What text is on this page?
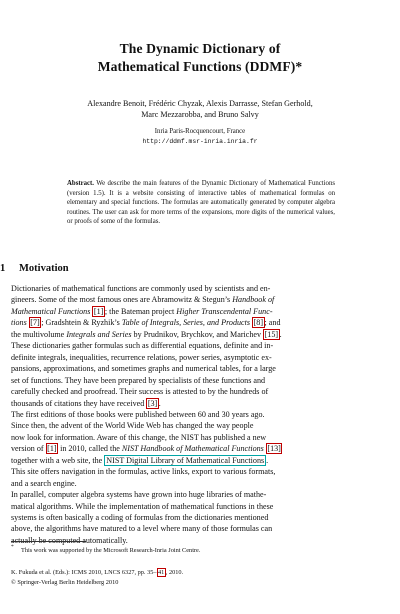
The Dynamic Dictionary of
Mathematical Functions (DDMF)*
Alexandre Benoit, Frédéric Chyzak, Alexis Darrasse, Stefan Gerhold,
Marc Mezzarobba, and Bruno Salvy
Inria Paris-Rocquencourt, France
http://ddmf.msr-inria.inria.fr
Abstract. We describe the main features of the Dynamic Dictionary of Mathematical Functions (version 1.5). It is a website consisting of interactive tables of mathematical formulas on elementary and special functions. The formulas are automatically generated by computer algebra routines. The user can ask for more terms of the expansions, more digits of the numerical values, or proofs of some of the formulas.
1 Motivation
Dictionaries of mathematical functions are commonly used by scientists and en-
gineers. Some of the most famous ones are Abramowitz & Stegun’s Handbook of
Mathematical Functions [1] ; the Bateman project Higher Transcendental Func-
tions [7] ; Gradshtein & Ryzhik’s Table of Integrals, Series, and Products [8] ; and
the multivolume Integrals and Series by Prudnikov, Brychkov, and Marichev [15] .
These dictionaries gather formulas such as differential equations, definite and in-
definite integrals, inequalities, recurrence relations, power series, asymptotic ex-
pansions, approximations, and sometimes graphs and numerical tables, for a large
set of functions. They have been prepared by specialists of these functions and
carefully checked and proofread. Their success is attested to by the hundreds of
thousands of citations they have received [3] .
The first editions of those books were published between 60 and 30 years ago.
Since then, the advent of the World Wide Web has changed the way people
now look for information. Aware of this change, the NIST has published a new
version of [1] in 2010, called the NIST Handbook of Mathematical Functions [13]
together with a web site, the NIST Digital Library of Mathematical Functions .
This site offers navigation in the formulas, active links, export to various formats,
and a search engine.
In parallel, computer algebra systems have grown into huge libraries of mathe-
matical algorithms. While the implementation of mathematical functions in these
systems is often basically a coding of formulas from the dictionaries mentioned
above, the algorithms have matured to a level where many of those formulas can
actually be computed automatically.
* This work was supported by the Microsoft Research-Inria Joint Centre.
K. Fukuda et al. (Eds.): ICMS 2010, LNCS 6327, pp. 35– 41 , 2010.
© Springer-Verlag Berlin Heidelberg 2010
